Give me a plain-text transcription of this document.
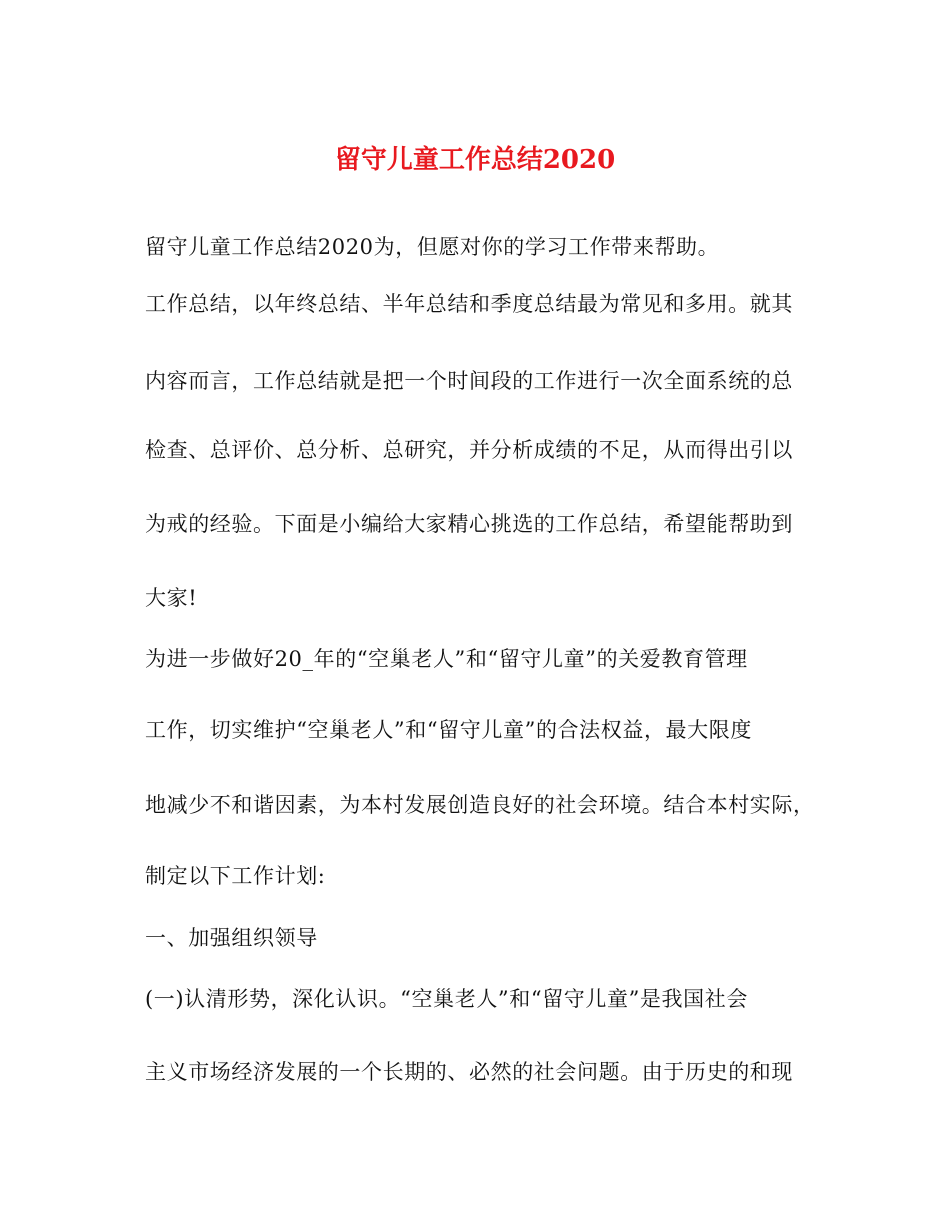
留守儿童工作总结2020
留守儿童工作总结2020为，但愿对你的学习工作带来帮助。
工作总结，以年终总结、半年总结和季度总结最为常见和多用。就其
内容而言，工作总结就是把一个时间段的工作进行一次全面系统的总
检查、总评价、总分析、总研究，并分析成绩的不足，从而得出引以
为戒的经验。下面是小编给大家精心挑选的工作总结，希望能帮助到
大家!
为进一步做好20_年的“空巢老人”和“留守儿童”的关爱教育管理
工作，切实维护“空巢老人”和“留守儿童”的合法权益，最大限度
地减少不和谐因素，为本村发展创造良好的社会环境。结合本村实际，
制定以下工作计划:
一、加强组织领导
(一)认清形势，深化认识。“空巢老人”和“留守儿童”是我国社会
主义市场经济发展的一个长期的、必然的社会问题。由于历史的和现
